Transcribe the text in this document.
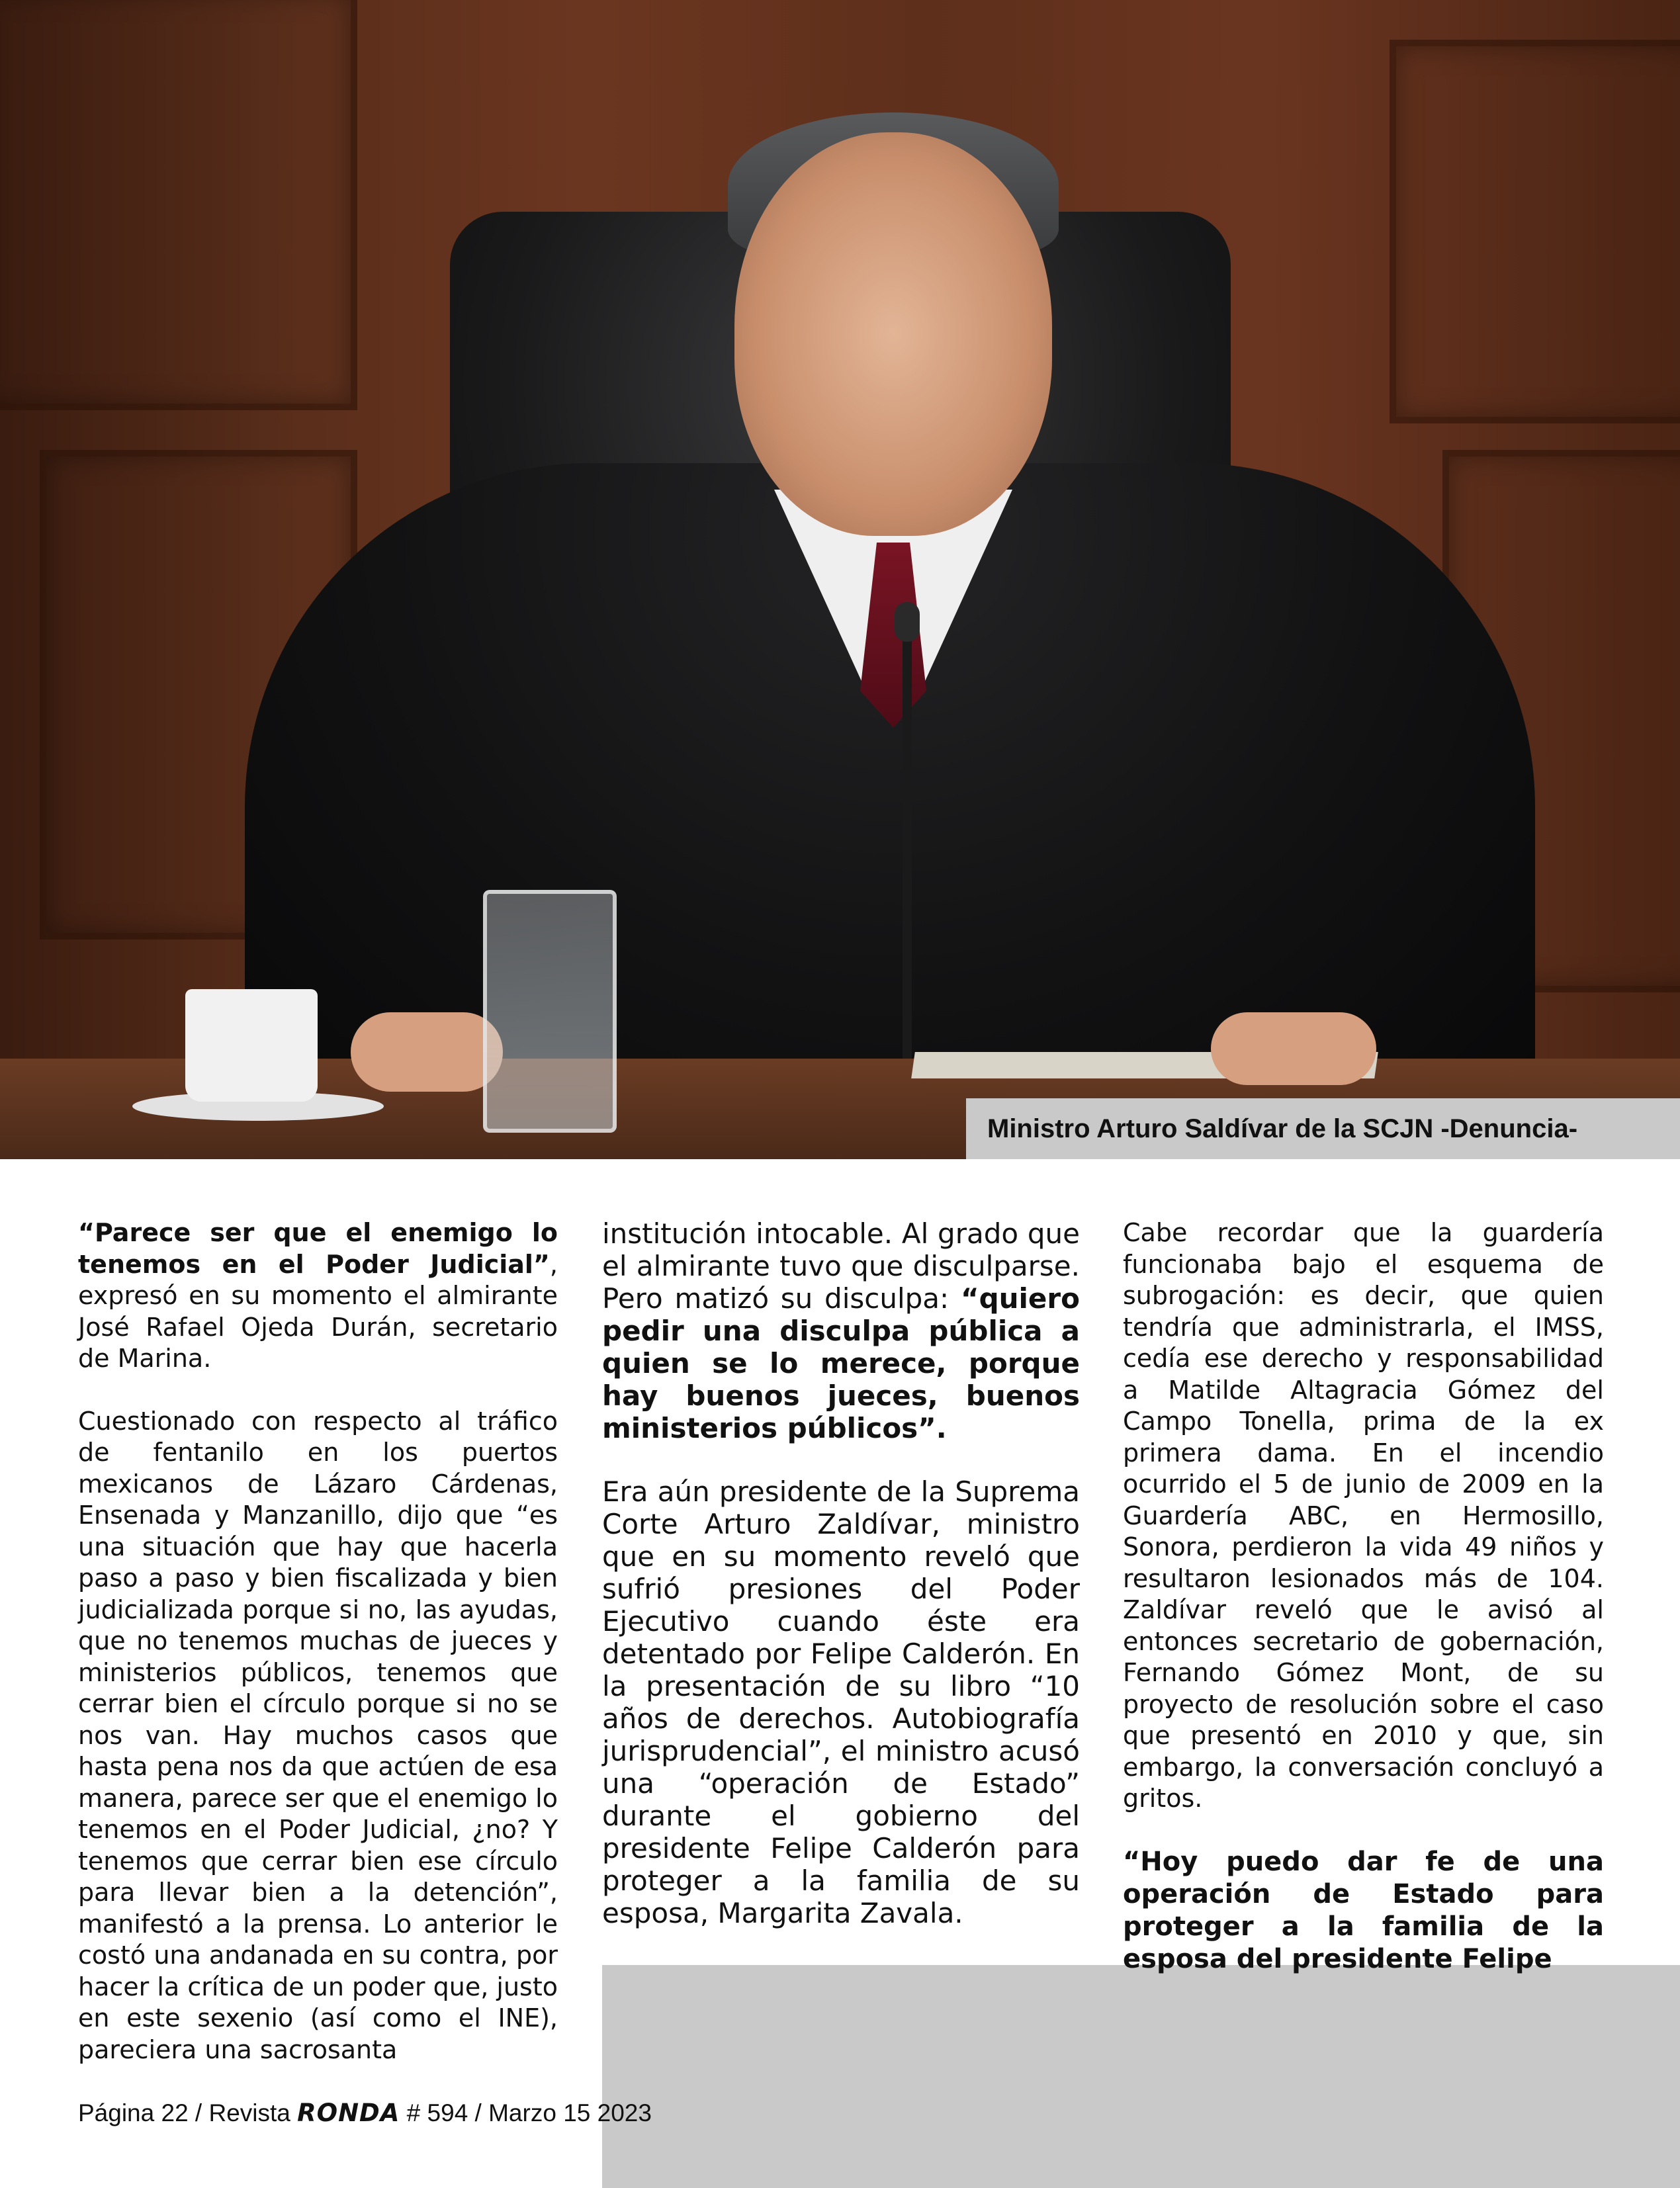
Ministro Arturo Saldívar de la SCJN -Denuncia-

“Parece ser que el enemigo lo tenemos en el Poder Judicial”, expresó en su momento el almirante José Rafael Ojeda Durán, secretario de Marina.

Cuestionado con respecto al tráfico de fentanilo en los puertos mexicanos de Lázaro Cárdenas, Ensenada y Manzanillo, dijo que “es una situación que hay que hacerla paso a paso y bien fiscalizada y bien judicializada porque si no, las ayudas, que no tenemos muchas de jueces y ministerios públicos, tenemos que cerrar bien el círculo porque si no se nos van. Hay muchos casos que hasta pena nos da que actúen de esa manera, parece ser que el enemigo lo tenemos en el Poder Judicial, ¿no? Y tenemos que cerrar bien ese círculo para llevar bien a la detención”, manifestó a la prensa. Lo anterior le costó una andanada en su contra, por hacer la crítica de un poder que, justo en este sexenio (así como el INE), pareciera una sacrosanta

institución intocable. Al grado que el almirante tuvo que disculparse. Pero matizó su disculpa: “quiero pedir una disculpa pública a quien se lo merece, porque hay buenos jueces, buenos ministerios públicos”.

Era aún presidente de la Suprema Corte Arturo Zaldívar, ministro que en su momento reveló que sufrió presiones del Poder Ejecutivo cuando éste era detentado por Felipe Calderón. En la presentación de su libro “10 años de derechos. Autobiografía jurisprudencial”, el ministro acusó una “operación de Estado” durante el gobierno del presidente Felipe Calderón para proteger a la familia de su esposa, Margarita Zavala.

Cabe recordar que la guardería funcionaba bajo el esquema de subrogación: es decir, que quien tendría que administrarla, el IMSS, cedía ese derecho y responsabilidad a Matilde Altagracia Gómez del Campo Tonella, prima de la ex primera dama. En el incendio ocurrido el 5 de junio de 2009 en la Guardería ABC, en Hermosillo, Sonora, perdieron la vida 49 niños y resultaron lesionados más de 104. Zaldívar reveló que le avisó al entonces secretario de gobernación, Fernando Gómez Mont, de su proyecto de resolución sobre el caso que presentó en 2010 y que, sin embargo, la conversación concluyó a gritos.

“Hoy puedo dar fe de una operación de Estado para proteger a la familia de la esposa del presidente Felipe

Página 22 / Revista RONDA # 594 / Marzo 15 2023
